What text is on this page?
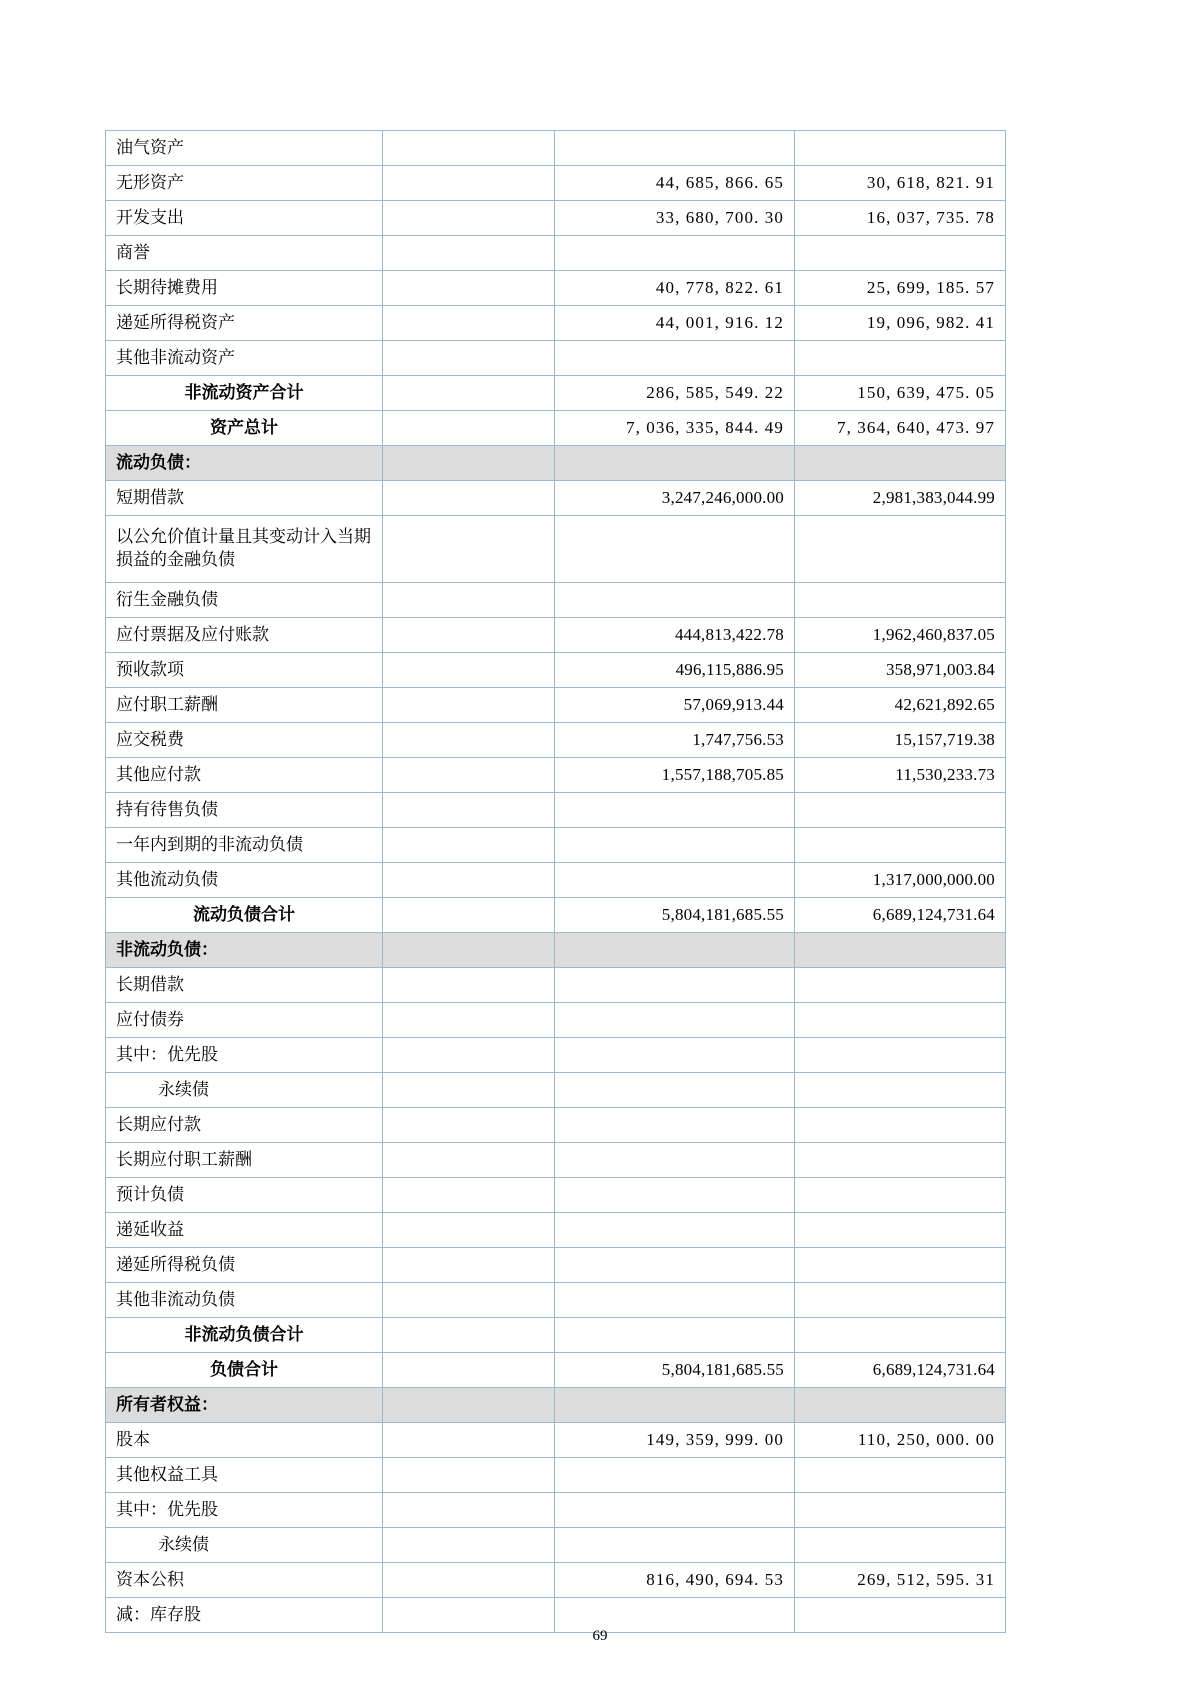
油气资产			
无形资产		44, 685, 866. 65	30, 618, 821. 91
开发支出		33, 680, 700. 30	16, 037, 735. 78
商誉			
长期待摊费用		40, 778, 822. 61	25, 699, 185. 57
递延所得税资产		44, 001, 916. 12	19, 096, 982. 41
其他非流动资产			
非流动资产合计		286, 585, 549. 22	150, 639, 475. 05
资产总计		7, 036, 335, 844. 49	7, 364, 640, 473. 97
流动负债：			
短期借款		3,247,246,000.00	2,981,383,044.99
以公允价值计量且其变动计入当期损益的金融负债			
衍生金融负债			
应付票据及应付账款		444,813,422.78	1,962,460,837.05
预收款项		496,115,886.95	358,971,003.84
应付职工薪酬		57,069,913.44	42,621,892.65
应交税费		1,747,756.53	15,157,719.38
其他应付款		1,557,188,705.85	11,530,233.73
持有待售负债			
一年内到期的非流动负债			
其他流动负债			1,317,000,000.00
流动负债合计		5,804,181,685.55	6,689,124,731.64
非流动负债：			
长期借款			
应付债券			
其中：优先股			
永续债			
长期应付款			
长期应付职工薪酬			
预计负债			
递延收益			
递延所得税负债			
其他非流动负债			
非流动负债合计			
负债合计		5,804,181,685.55	6,689,124,731.64
所有者权益：			
股本		149, 359, 999. 00	110, 250, 000. 00
其他权益工具			
其中：优先股			
永续债			
资本公积		816, 490, 694. 53	269, 512, 595. 31
减：库存股			
69
